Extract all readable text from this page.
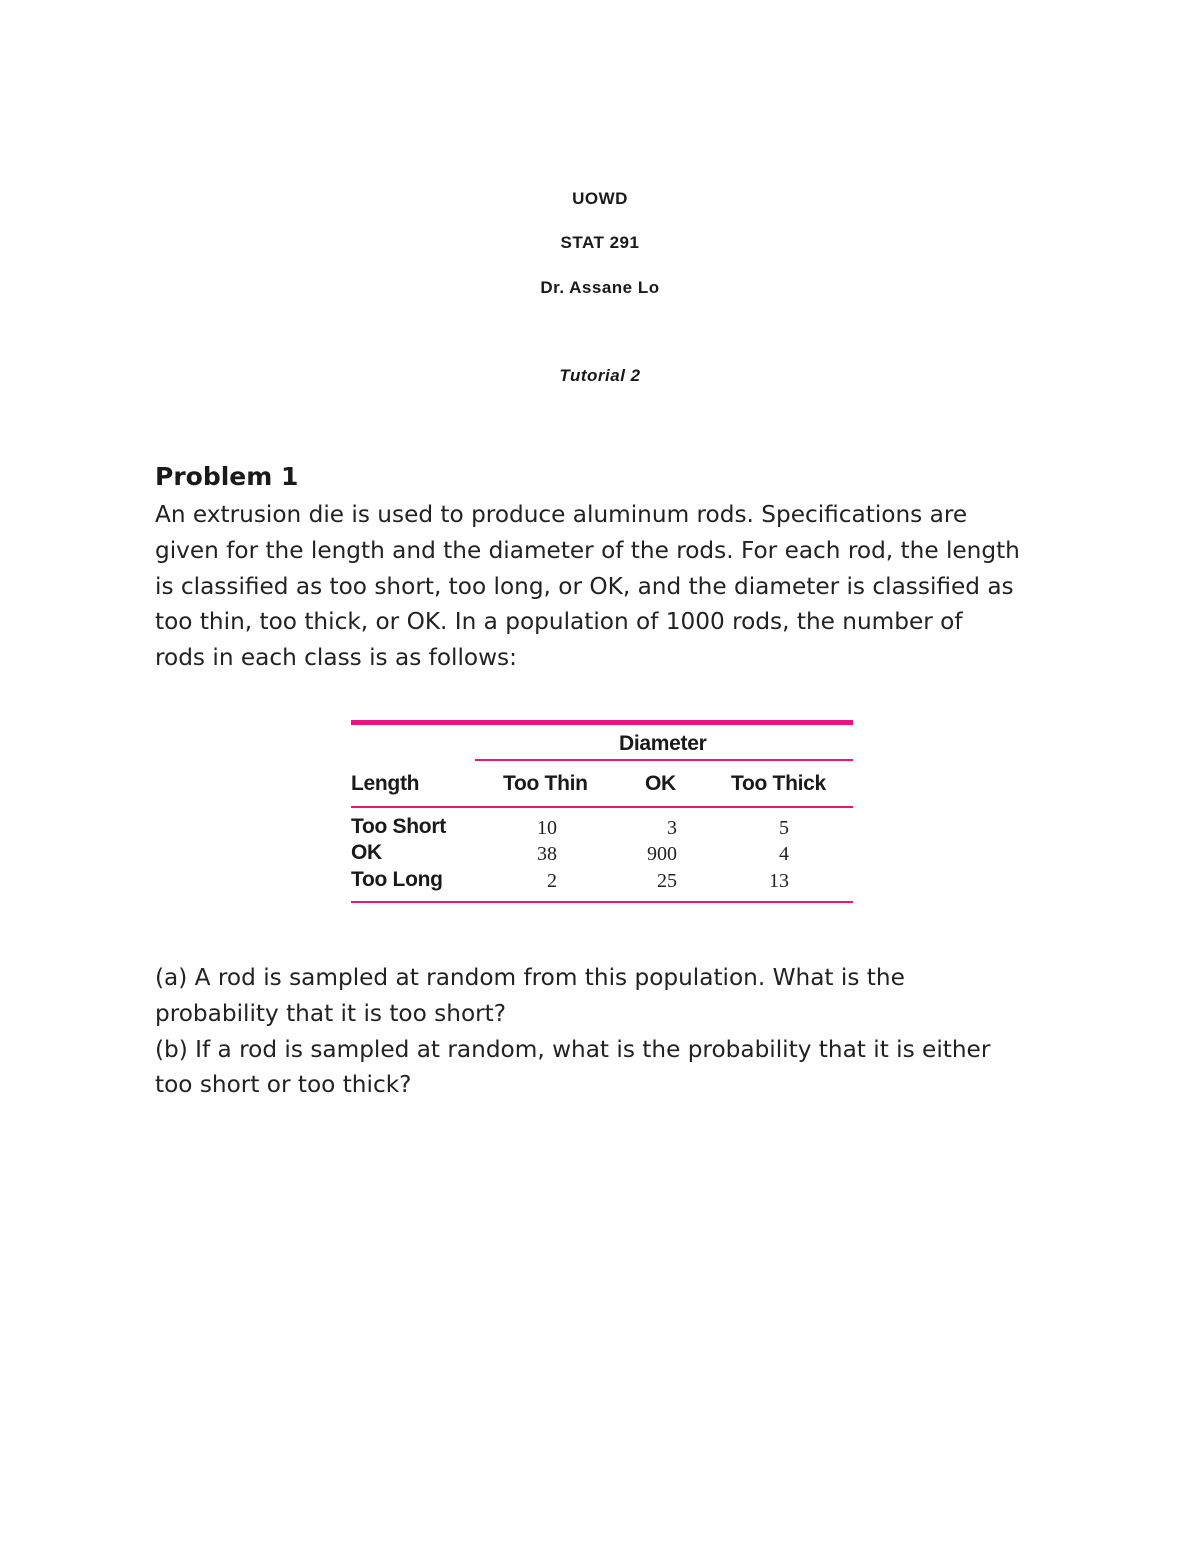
UOWD
STAT 291
Dr. Assane Lo
Tutorial 2
Problem 1
An extrusion die is used to produce aluminum rods. Specifications are
given for the length and the diameter of the rods. For each rod, the length
is classified as too short, too long, or OK, and the diameter is classified as
too thin, too thick, or OK. In a population of 1000 rods, the number of
rods in each class is as follows:
Diameter
Length	Too Thin	OK	Too Thick
Too Short	10	3	5
OK	38	900	4
Too Long	2	25	13
(a) A rod is sampled at random from this population. What is the
probability that it is too short?
(b) If a rod is sampled at random, what is the probability that it is either
too short or too thick?
